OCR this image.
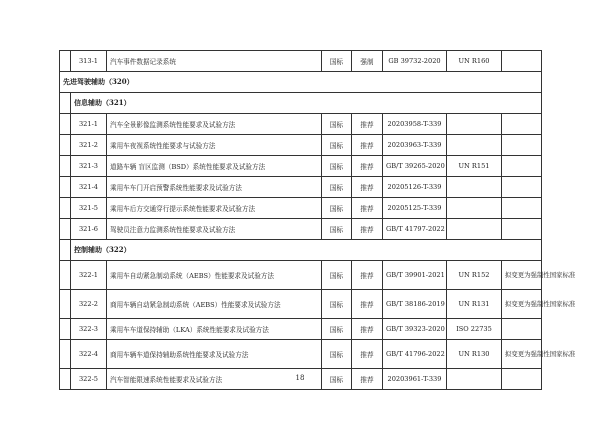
	313-1	汽车事件数据记录系统	国标	强制	GB 39732-2020	UN R160	
先进驾驶辅助（320）							
	信息辅助（321）						
	321-1	汽车全景影像监测系统性能要求及试验方法	国标	推荐	20203958-T-339		
	321-2	乘用车夜视系统性能要求与试验方法	国标	推荐	20203963-T-339		
	321-3	道路车辆 盲区监测（BSD）系统性能要求及试验方法	国标	推荐	GB/T 39265-2020	UN R151	
	321-4	乘用车车门开启预警系统性能要求及试验方法	国标	推荐	20205126-T-339		
	321-5	乘用车后方交通穿行提示系统性能要求及试验方法	国标	推荐	20205125-T-339		
	321-6	驾驶员注意力监测系统性能要求及试验方法	国标	推荐	GB/T 41797-2022		
	控制辅助（322）						
	322-1	乘用车自动紧急制动系统（AEBS）性能要求及试验方法	国标	推荐	GB/T 39901-2021	UN R152	拟变更为强制性国家标准
	322-2	商用车辆自动紧急制动系统（AEBS）性能要求及试验方法	国标	推荐	GB/T 38186-2019	UN R131	拟变更为强制性国家标准
	322-3	乘用车车道保持辅助（LKA）系统性能要求及试验方法	国标	推荐	GB/T 39323-2020	ISO 22735	
	322-4	商用车辆车道保持辅助系统性能要求及试验方法	国标	推荐	GB/T 41796-2022	UN R130	拟变更为强制性国家标准
	322-5	汽车智能限速系统性能要求及试验方法	国标	推荐	20203961-T-339		
18
